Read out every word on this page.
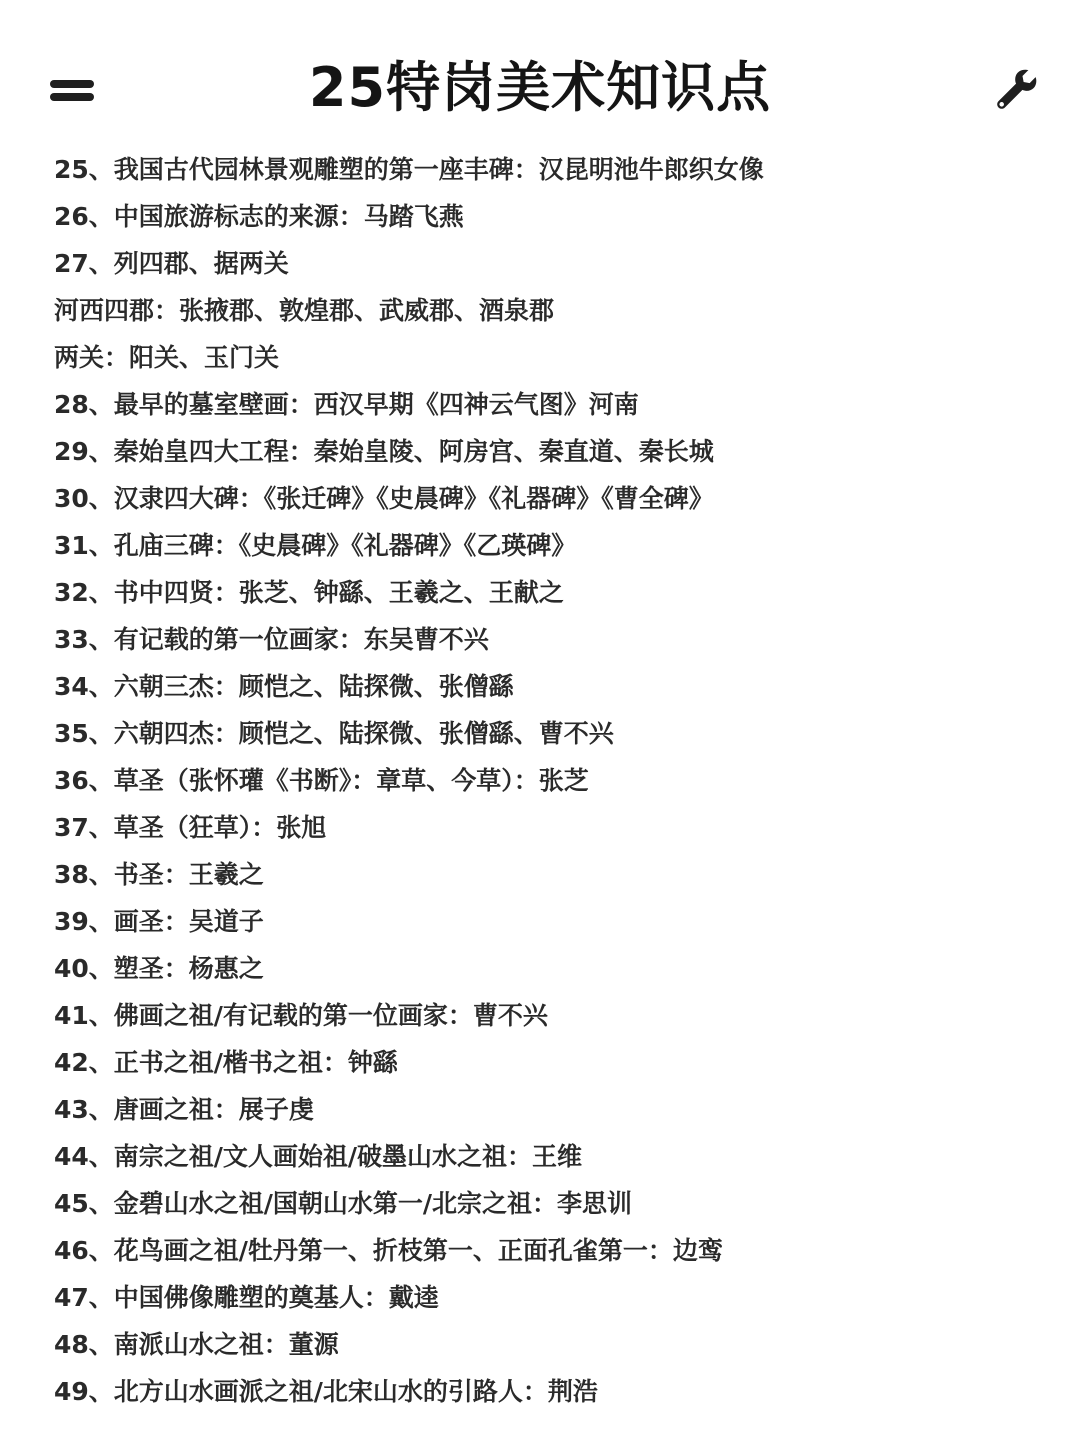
25特岗美术知识点
25、我国古代园林景观雕塑的第一座丰碑：汉昆明池牛郎织女像
26、中国旅游标志的来源：马踏飞燕
27、列四郡、据两关
河西四郡：张掖郡、敦煌郡、武威郡、酒泉郡
两关：阳关、玉门关
28、最早的墓室壁画：西汉早期《四神云气图》河南
29、秦始皇四大工程：秦始皇陵、阿房宫、秦直道、秦长城
30、汉隶四大碑：《张迁碑》《史晨碑》《礼器碑》《曹全碑》
31、孔庙三碑：《史晨碑》《礼器碑》《乙瑛碑》
32、书中四贤：张芝、钟繇、王羲之、王献之
33、有记载的第一位画家：东吴曹不兴
34、六朝三杰：顾恺之、陆探微、张僧繇
35、六朝四杰：顾恺之、陆探微、张僧繇、曹不兴
36、草圣（张怀瓘《书断》：章草、今草）：张芝
37、草圣（狂草）：张旭
38、书圣：王羲之
39、画圣：吴道子
40、塑圣：杨惠之
41、佛画之祖/有记载的第一位画家：曹不兴
42、正书之祖/楷书之祖：钟繇
43、唐画之祖：展子虔
44、南宗之祖/文人画始祖/破墨山水之祖：王维
45、金碧山水之祖/国朝山水第一/北宗之祖：李思训
46、花鸟画之祖/牡丹第一、折枝第一、正面孔雀第一：边鸾
47、中国佛像雕塑的奠基人：戴逵
48、南派山水之祖：董源
49、北方山水画派之祖/北宋山水的引路人：荆浩
